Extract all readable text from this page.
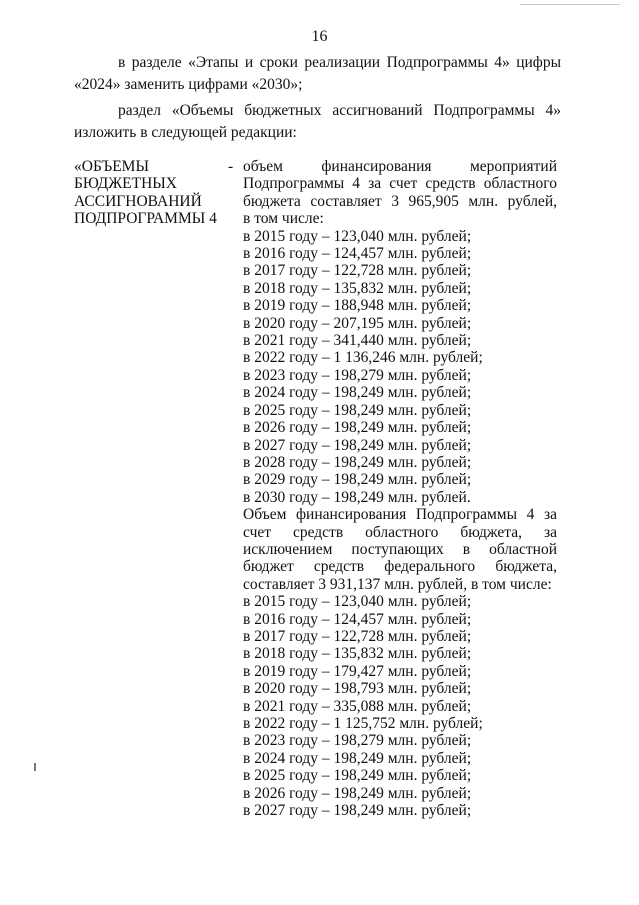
16
в разделе «Этапы и сроки реализации Подпрограммы 4» цифры «2024» заменить цифрами «2030»;
раздел «Объемы бюджетных ассигнований Подпрограммы 4» изложить в следующей редакции:
«ОБЪЕМЫ
БЮДЖЕТНЫХ
АССИГНОВАНИЙ
ПОДПРОГРАММЫ 4
- объем финансирования мероприятий
Подпрограммы 4 за счет средств областного
бюджета составляет 3 965,905 млн. рублей,
в том числе:
в 2015 году – 123,040 млн. рублей;
в 2016 году – 124,457 млн. рублей;
в 2017 году – 122,728 млн. рублей;
в 2018 году – 135,832 млн. рублей;
в 2019 году – 188,948 млн. рублей;
в 2020 году – 207,195 млн. рублей;
в 2021 году – 341,440 млн. рублей;
в 2022 году – 1 136,246 млн. рублей;
в 2023 году – 198,279 млн. рублей;
в 2024 году – 198,249 млн. рублей;
в 2025 году – 198,249 млн. рублей;
в 2026 году – 198,249 млн. рублей;
в 2027 году – 198,249 млн. рублей;
в 2028 году – 198,249 млн. рублей;
в 2029 году – 198,249 млн. рублей;
в 2030 году – 198,249 млн. рублей.
Объем финансирования Подпрограммы 4 за
счет средств областного бюджета, за
исключением поступающих в областной
бюджет средств федерального бюджета,
составляет 3 931,137 млн. рублей, в том числе:
в 2015 году – 123,040 млн. рублей;
в 2016 году – 124,457 млн. рублей;
в 2017 году – 122,728 млн. рублей;
в 2018 году – 135,832 млн. рублей;
в 2019 году – 179,427 млн. рублей;
в 2020 году – 198,793 млн. рублей;
в 2021 году – 335,088 млн. рублей;
в 2022 году – 1 125,752 млн. рублей;
в 2023 году – 198,279 млн. рублей;
в 2024 году – 198,249 млн. рублей;
в 2025 году – 198,249 млн. рублей;
в 2026 году – 198,249 млн. рублей;
в 2027 году – 198,249 млн. рублей;
